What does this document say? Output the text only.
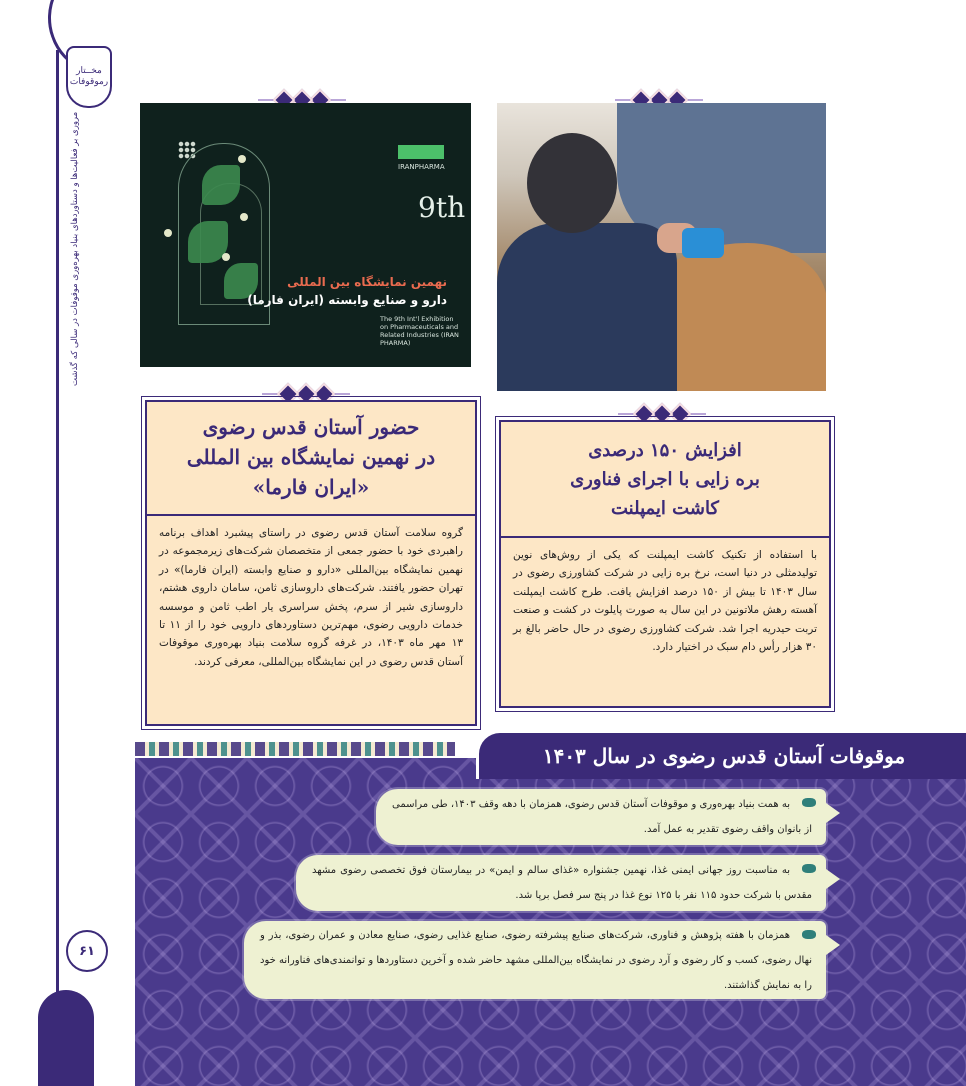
مخــتار رموقوفات
مروری بر فعالیت‌ها و دستاوردهای بنیاد بهره‌وری موقوفات در سالی که گذشت
۶۱
IRANPHARMA
9th
نهمین نمایشگاه بین المللی
دارو و صنایع وابسته (ایران فارما)
The 9th Int'l Exhibition on Pharmaceuticals and Related Industries (IRAN PHARMA)
حضور آستان قدس رضوی
در نهمین نمایشگاه بین المللی
«ایران فارما»
گروه سلامت آستان قدس رضوی در راستای پیشبرد اهداف برنامه راهبردی خود با حضور جمعی از متخصصان شرکت‌های زیرمجموعه در نهمین نمایشگاه بین‌المللی «دارو و صنایع وابسته (ایران فارما)» در تهران حضور یافتند. شرکت‌های داروسازی ثامن، سامان داروی هشتم، داروسازی شیر از سرم، پخش سراسری یار اطب ثامن و موسسه خدمات دارویی رضوی، مهم‌ترین دستاوردهای دارویی خود را از ۱۱ تا ۱۳ مهر ماه ۱۴۰۳، در غرفه گروه سلامت بنیاد بهره‌وری موقوفات آستان قدس رضوی در این نمایشگاه بین‌المللی، معرفی کردند.
افزایش ۱۵۰ درصدی
بره زایی با اجرای فناوری
کاشت ایمپلنت
با استفاده از تکنیک کاشت ایمپلنت که یکی از روش‌های نوین تولیدمثلی در دنیا است، نرخ بره زایی در شرکت کشاورزی رضوی در سال ۱۴۰۳ تا بیش از ۱۵۰ درصد افزایش یافت. طرح کاشت ایمپلنت آهسته رهش ملاتونین در این سال به صورت پایلوت در کشت و صنعت تربت حیدریه اجرا شد. شرکت کشاورزی رضوی در حال حاضر بالغ بر ۳۰ هزار رأس دام سبک در اختیار دارد.
موقوفات آستان قدس رضوی در سال ۱۴۰۳
به همت بنیاد بهره‌وری و موقوفات آستان قدس رضوی، همزمان با دهه وقف ۱۴۰۳، طی مراسمی از بانوان واقف رضوی تقدیر به عمل آمد.
به مناسبت روز جهانی ایمنی غذا، نهمین جشنواره «غذای سالم و ایمن» در بیمارستان فوق تخصصی رضوی مشهد مقدس با شرکت حدود ۱۱۵ نفر با ۱۲۵ نوع غذا در پنج سر فصل برپا شد.
همزمان با هفته پژوهش و فناوری، شرکت‌های صنایع پیشرفته رضوی، صنایع غذایی رضوی، صنایع معادن و عمران رضوی، بذر و نهال رضوی، کسب و کار رضوی و آرد رضوی در نمایشگاه بین‌المللی مشهد حاضر شده و آخرین دستاوردها و توانمندی‌های فناورانه خود را به نمایش گذاشتند.
